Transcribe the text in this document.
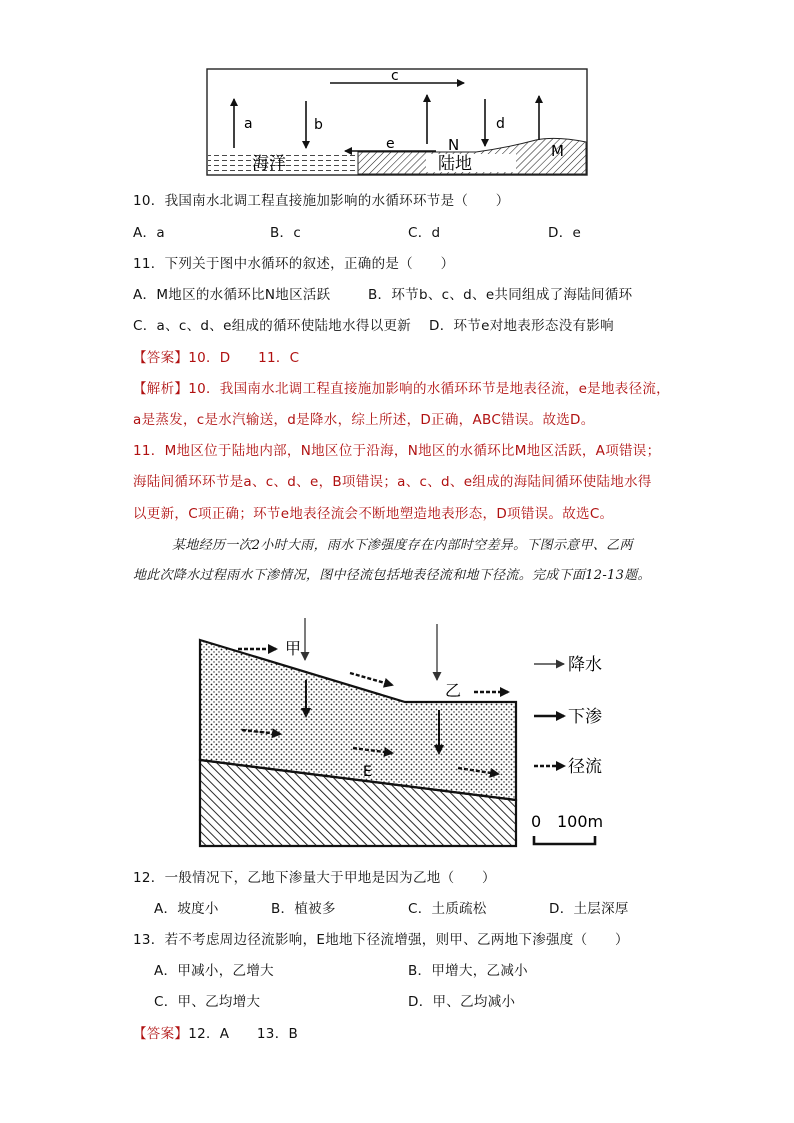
a	b
c
d
e	N	M
海洋	陆地
10．我国南水北调工程直接施加影响的水循环环节是（　　）
A．a	B．c	C．d	D．e
11．下列关于图中水循环的叙述，正确的是（　　）
A．M地区的水循环比N地区活跃	B．环节b、c、d、e共同组成了海陆间循环
C．a、c、d、e组成的循环使陆地水得以更新 D．环节e对地表形态没有影响
【答案】10．D　　11．C
【解析】10．我国南水北调工程直接施加影响的水循环环节是地表径流，e是地表径流，
a是蒸发，c是水汽输送，d是降水，综上所述，D正确，ABC错误。故选D。
11．M地区位于陆地内部，N地区位于沿海，N地区的水循环比M地区活跃，A项错误；
海陆间循环环节是a、c、d、e，B项错误；a、c、d、e组成的海陆间循环使陆地水得
以更新，C项正确；环节e地表径流会不断地塑造地表形态，D项错误。故选C。
某地经历一次2小时大雨，雨水下渗强度存在内部时空差异。下图示意甲、乙两
地此次降水过程雨水下渗情况，图中径流包括地表径流和地下径流。完成下面12-13题。
甲
乙
E
降水
下渗
径流
0 100m
12．一般情况下，乙地下渗量大于甲地是因为乙地（　　）
A．坡度小	B．植被多	C．土质疏松	D．土层深厚
13．若不考虑周边径流影响，E地地下径流增强，则甲、乙两地下渗强度（　　）
A．甲减小，乙增大	B．甲增大，乙减小
C．甲、乙均增大	D．甲、乙均减小
【答案】12．A　　13．B
